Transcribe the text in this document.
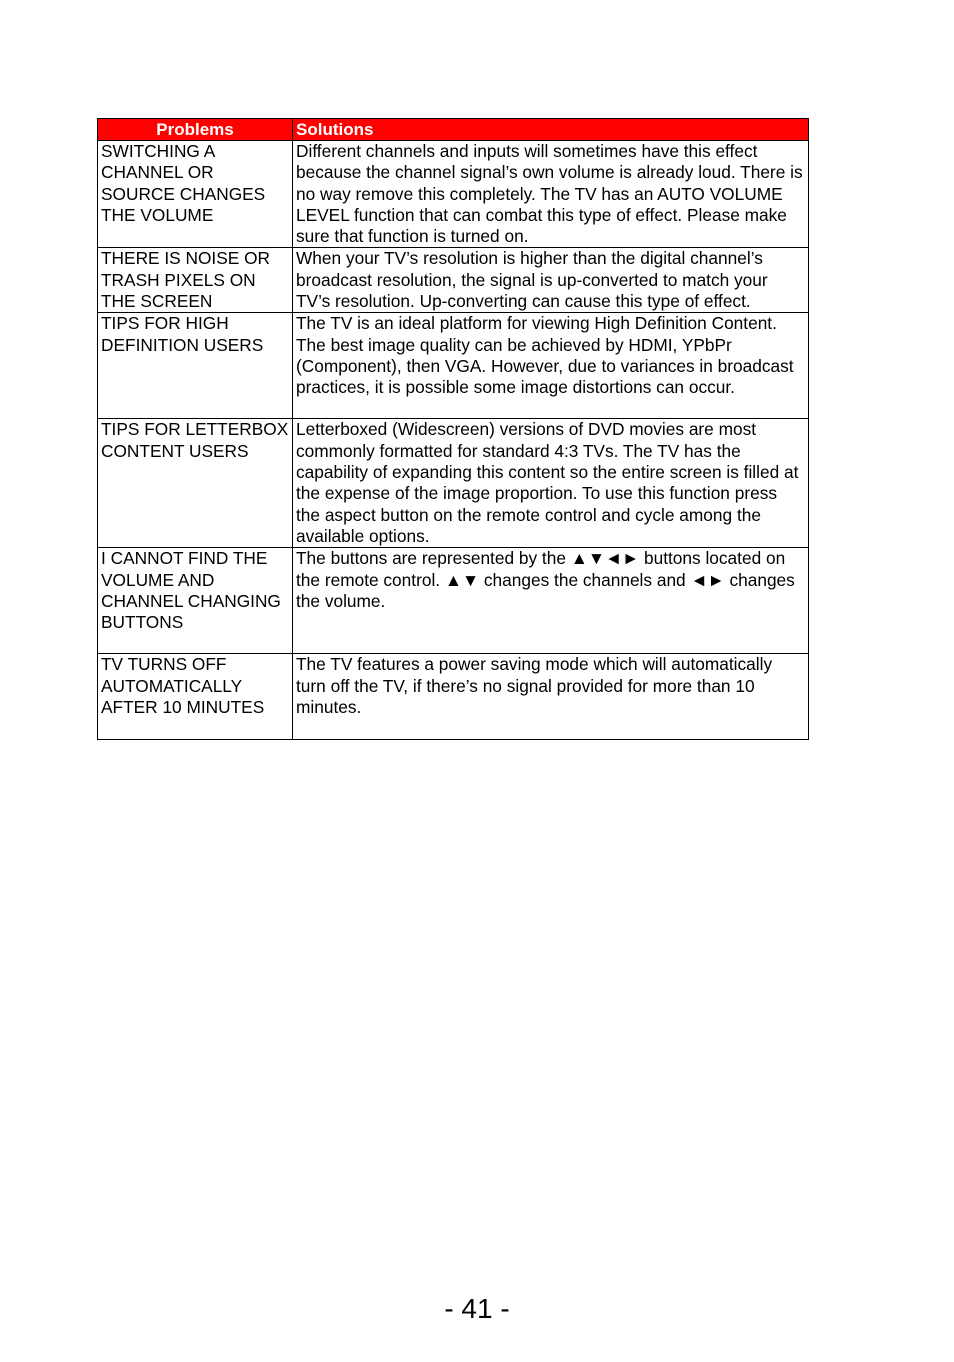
Problems	Solutions
SWITCHING A CHANNEL OR SOURCE CHANGES THE VOLUME	Different channels and inputs will sometimes have this effect because the channel signal’s own volume is already loud. There is no way remove this completely. The TV has an AUTO VOLUME LEVEL function that can combat this type of effect. Please make sure that function is turned on.
THERE IS NOISE OR TRASH PIXELS ON THE SCREEN	When your TV’s resolution is higher than the digital channel’s broadcast resolution, the signal is up-converted to match your TV’s resolution. Up-converting can cause this type of effect.
TIPS FOR HIGH DEFINITION USERS	The TV is an ideal platform for viewing High Definition Content. The best image quality can be achieved by HDMI, YPbPr (Component), then VGA. However, due to variances in broadcast practices, it is possible some image distortions can occur.
TIPS FOR LETTERBOX CONTENT USERS	Letterboxed (Widescreen) versions of DVD movies are most commonly formatted for standard 4:3 TVs. The TV has the capability of expanding this content so the entire screen is filled at the expense of the image proportion. To use this function press the aspect button on the remote control and cycle among the available options.
I CANNOT FIND THE VOLUME AND CHANNEL CHANGING BUTTONS	The buttons are represented by the ▲▼◄► buttons located on the remote control. ▲▼ changes the channels and ◄► changes the volume.
TV TURNS OFF AUTOMATICALLY AFTER 10 MINUTES	The TV features a power saving mode which will automatically turn off the TV, if there’s no signal provided for more than 10 minutes.
- 41 -
